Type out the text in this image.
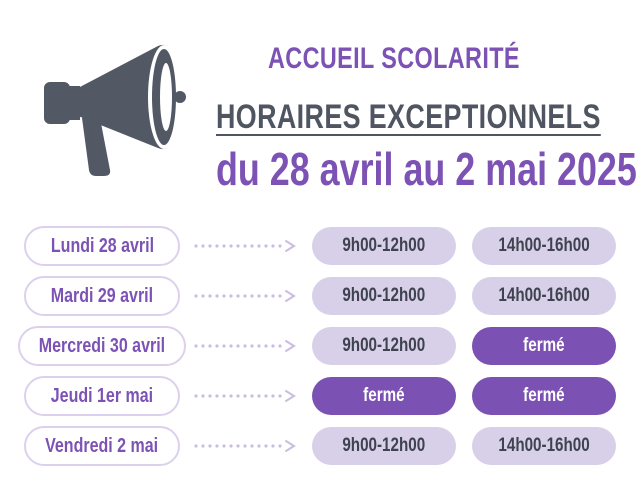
ACCUEIL SCOLARITÉ
HORAIRES EXCEPTIONNELS
du 28 avril au 2 mai 2025
Lundi 28 avril	9h00-12h00	14h00-16h00
Mardi 29 avril	9h00-12h00	14h00-16h00
Mercredi 30 avril	9h00-12h00	fermé
Jeudi 1er mai	fermé	fermé
Vendredi 2 mai	9h00-12h00	14h00-16h00
